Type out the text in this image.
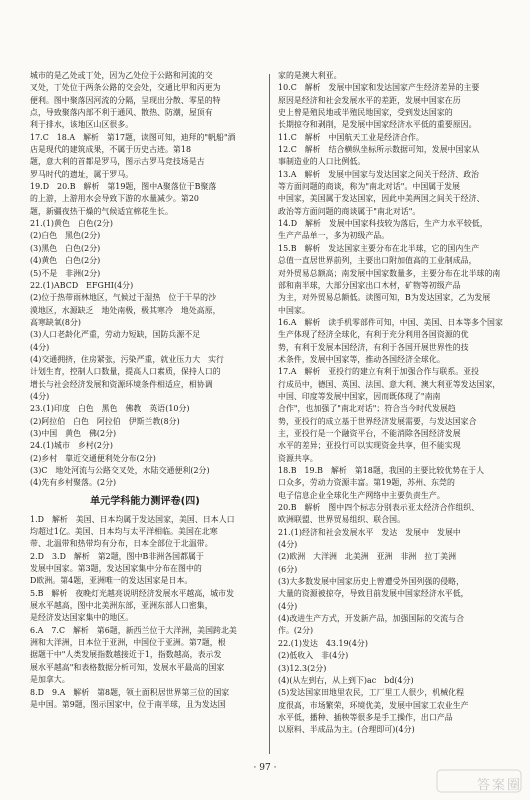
城市的是乙处或丁处，因为乙处位于公路和河流的交
叉处，丁处位于两条公路的交会处，交通比甲和丙更为
便利。图中聚落因河流的分隔，呈现出分散、零星的特
点，导致聚落内部不利于通风、散热、防潮，屋顶有
利于排水，该地区山区很多。
17.C　18.A　解析　第17题，读图可知，迪拜的"帆船"酒
店是现代的建筑成果，不属于历史古迹。第18
题，意大利的首都是罗马，图示古罗马竞技场是古
罗马时代的遗址，属于罗马。
19.D　20.B　解析　第19题，图中A聚落位于B聚落
的上游，上游用水会导致下游的水量减少。第20
题，新疆夜热干燥的气候适宜棉花生长。
21.(1)黄色　白色(2分)
(2)白色　黑色(2分)
(3)黑色　白色(2分)
(4)黄色　白色(2分)
(5)不是　非洲(2分)
22.(1)ABCD　EFGHI(4分)
(2)位于热带雨林地区，气候过于湿热　位于干旱的沙
漠地区，水源缺乏　地处南极，极其寒冷　地处高原，
高寒缺氧(8分)
(3)人口老龄化严重，劳动力短缺，国防兵源不足
(4分)
(4)交通拥挤，住房紧张，污染严重，就业压力大　实行
计划生育，控制人口数量，提高人口素质，保持人口的
增长与社会经济发展和资源环境条件相适应，相协调
(4分)
23.(1)印度　白色　黑色　佛教　英语(10分)
(2)阿拉伯　白色　阿拉伯　伊斯兰教(8分)
(3)中国　黄色　佛(2分)
24.(1)城市　乡村(2分)
(2)乡村　靠近交通便利处分布(2分)
(3)C　地处河流与公路交叉处，水陆交通便利(2分)
(4)先有乡村聚落。(2分)
单元学科能力测评卷(四)
1.D　解析　美国、日本均属于发达国家，美国、日本人口
均超过1亿。美国、日本均与太平洋相临。美国在北寒
带、北温带和热带均有分布，日本全部位于北温带。
2.D　3.D　解析　第2题，图中B非洲各国都属于
发展中国家。第3题，发达国家集中分布在图中的
D欧洲。第4题，亚洲唯一的发达国家是日本。
5.B　解析　夜晚灯光越亮说明经济发展水平越高，城市发
展水平越高，图中北美洲东部，亚洲东部人口密集，
是经济发达国家集中的地区。
6.A　7.C　解析　第6题，新西兰位于大洋洲，美国跨北美
洲和大洋洲，日本位于亚洲，中国位于亚洲。第7题，根
据题干中"人类发展指数越接近于1，指数越高，表示发
展水平越高"和表格数据分析可知，发展水平最高的国家
是加拿大。
8.D　9.A　解析　第8题，领土面积居世界第三位的国家
是中国。第9题，图示国家中，位于南半球，且为发达国
家的是澳大利亚。
10.C　解析　发展中国家和发达国家产生经济差异的主要
原因是经济和社会发展水平的差距，发展中国家在历
史上曾是殖民地或半殖民地国家，受到发达国家的
长期掠夺和剥削，是发展中国家经济水平低的重要原因。
11.C　解析　中国航天工业是经济合作。
12.C　解析　结合横纵坐标所示数据可知，发展中国家从
事制造业的人口比例低。
13.A　解析　发展中国家与发达国家之间关于经济、政治
等方面问题的商谈，称为"南北对话"。中国属于发展
中国家，美国属于发达国家，因此中美两国之间关于经济、
政治等方面问题的商谈属于"南北对话"。
14.D　解析　发展中国家科技较为落后，生产力水平较低，
生产产品单一，多为初级产品。
15.B　解析　发达国家主要分布在北半球，它的国内生产
总值一直居世界前列，主要出口附加值高的工业制成品，
对外贸易总额高；南发展中国家数量多，主要分布在北半球的南
部和南半球，大部分国家出口木材，矿物等初级产品
为主，对外贸易总额低。读图可知，B为发达国家，乙为发展
中国家。
16.A　解析　读手机零部件可知，中国、美国、日本等多个国家
生产体现了经济全球化，有利于充分利用各国资源的优
势，有利于发展本国经济，有利于各国开展世界性的技
术条件，发展中国家等，推动各国经济全球化。
17.A　解析　亚投行的建立有利于加强合作与联系。亚投
行成员中，德国、英国、法国、意大利、澳大利亚等发达国家，
中国、印度等发展中国家，因而既体现了"南南
合作"，也加强了"南北对话"；符合当今时代发展趋
势，亚投行的成立基于世界经济发展需要，与发达国家合
主，亚投行是一个融资平台，不能消除各国经济发展
水平的差异；亚投行可以实现资金共享，但不能实现
资源共享。
18.B　19.B　解析　第18题，我国的主要比较优势在于人
口众多，劳动力资源丰富。第19题，苏州、东莞的
电子信息企业全球化生产网络中主要负责生产。
20.B　解析　图中四个标志分别表示亚太经济合作组织、
欧洲联盟、世界贸易组织、联合国。
21.(1)经济和社会发展水平　发达　发展中　发展中
(4分)
(2)欧洲　大洋洲　北美洲　亚洲　非洲　拉丁美洲
(6分)
(3)大多数发展中国家历史上曾遭受外国列强的侵略，
大量的资源被掠夺，导致目前发展中国家经济水平低，
(4分)
(4)改进生产方式，开发新产品，加强国际的交流与合
作。(2分)
22.(1)发达　43.19(4分)
(2)低收入　非(4分)
(3)12.3(2分)
(4)(从左到右，从上到下)ac　bd(4分)
(5)发达国家田地里农民，工厂里工人很少，机械化程
度很高，市场繁荣，环境优美，发展中国家工农业生产
水平低，播种、插秧等很多是手工操作，出口产品
以原料、半成品为主。(合理即可)(4分)
· 97 ·
答案圈
